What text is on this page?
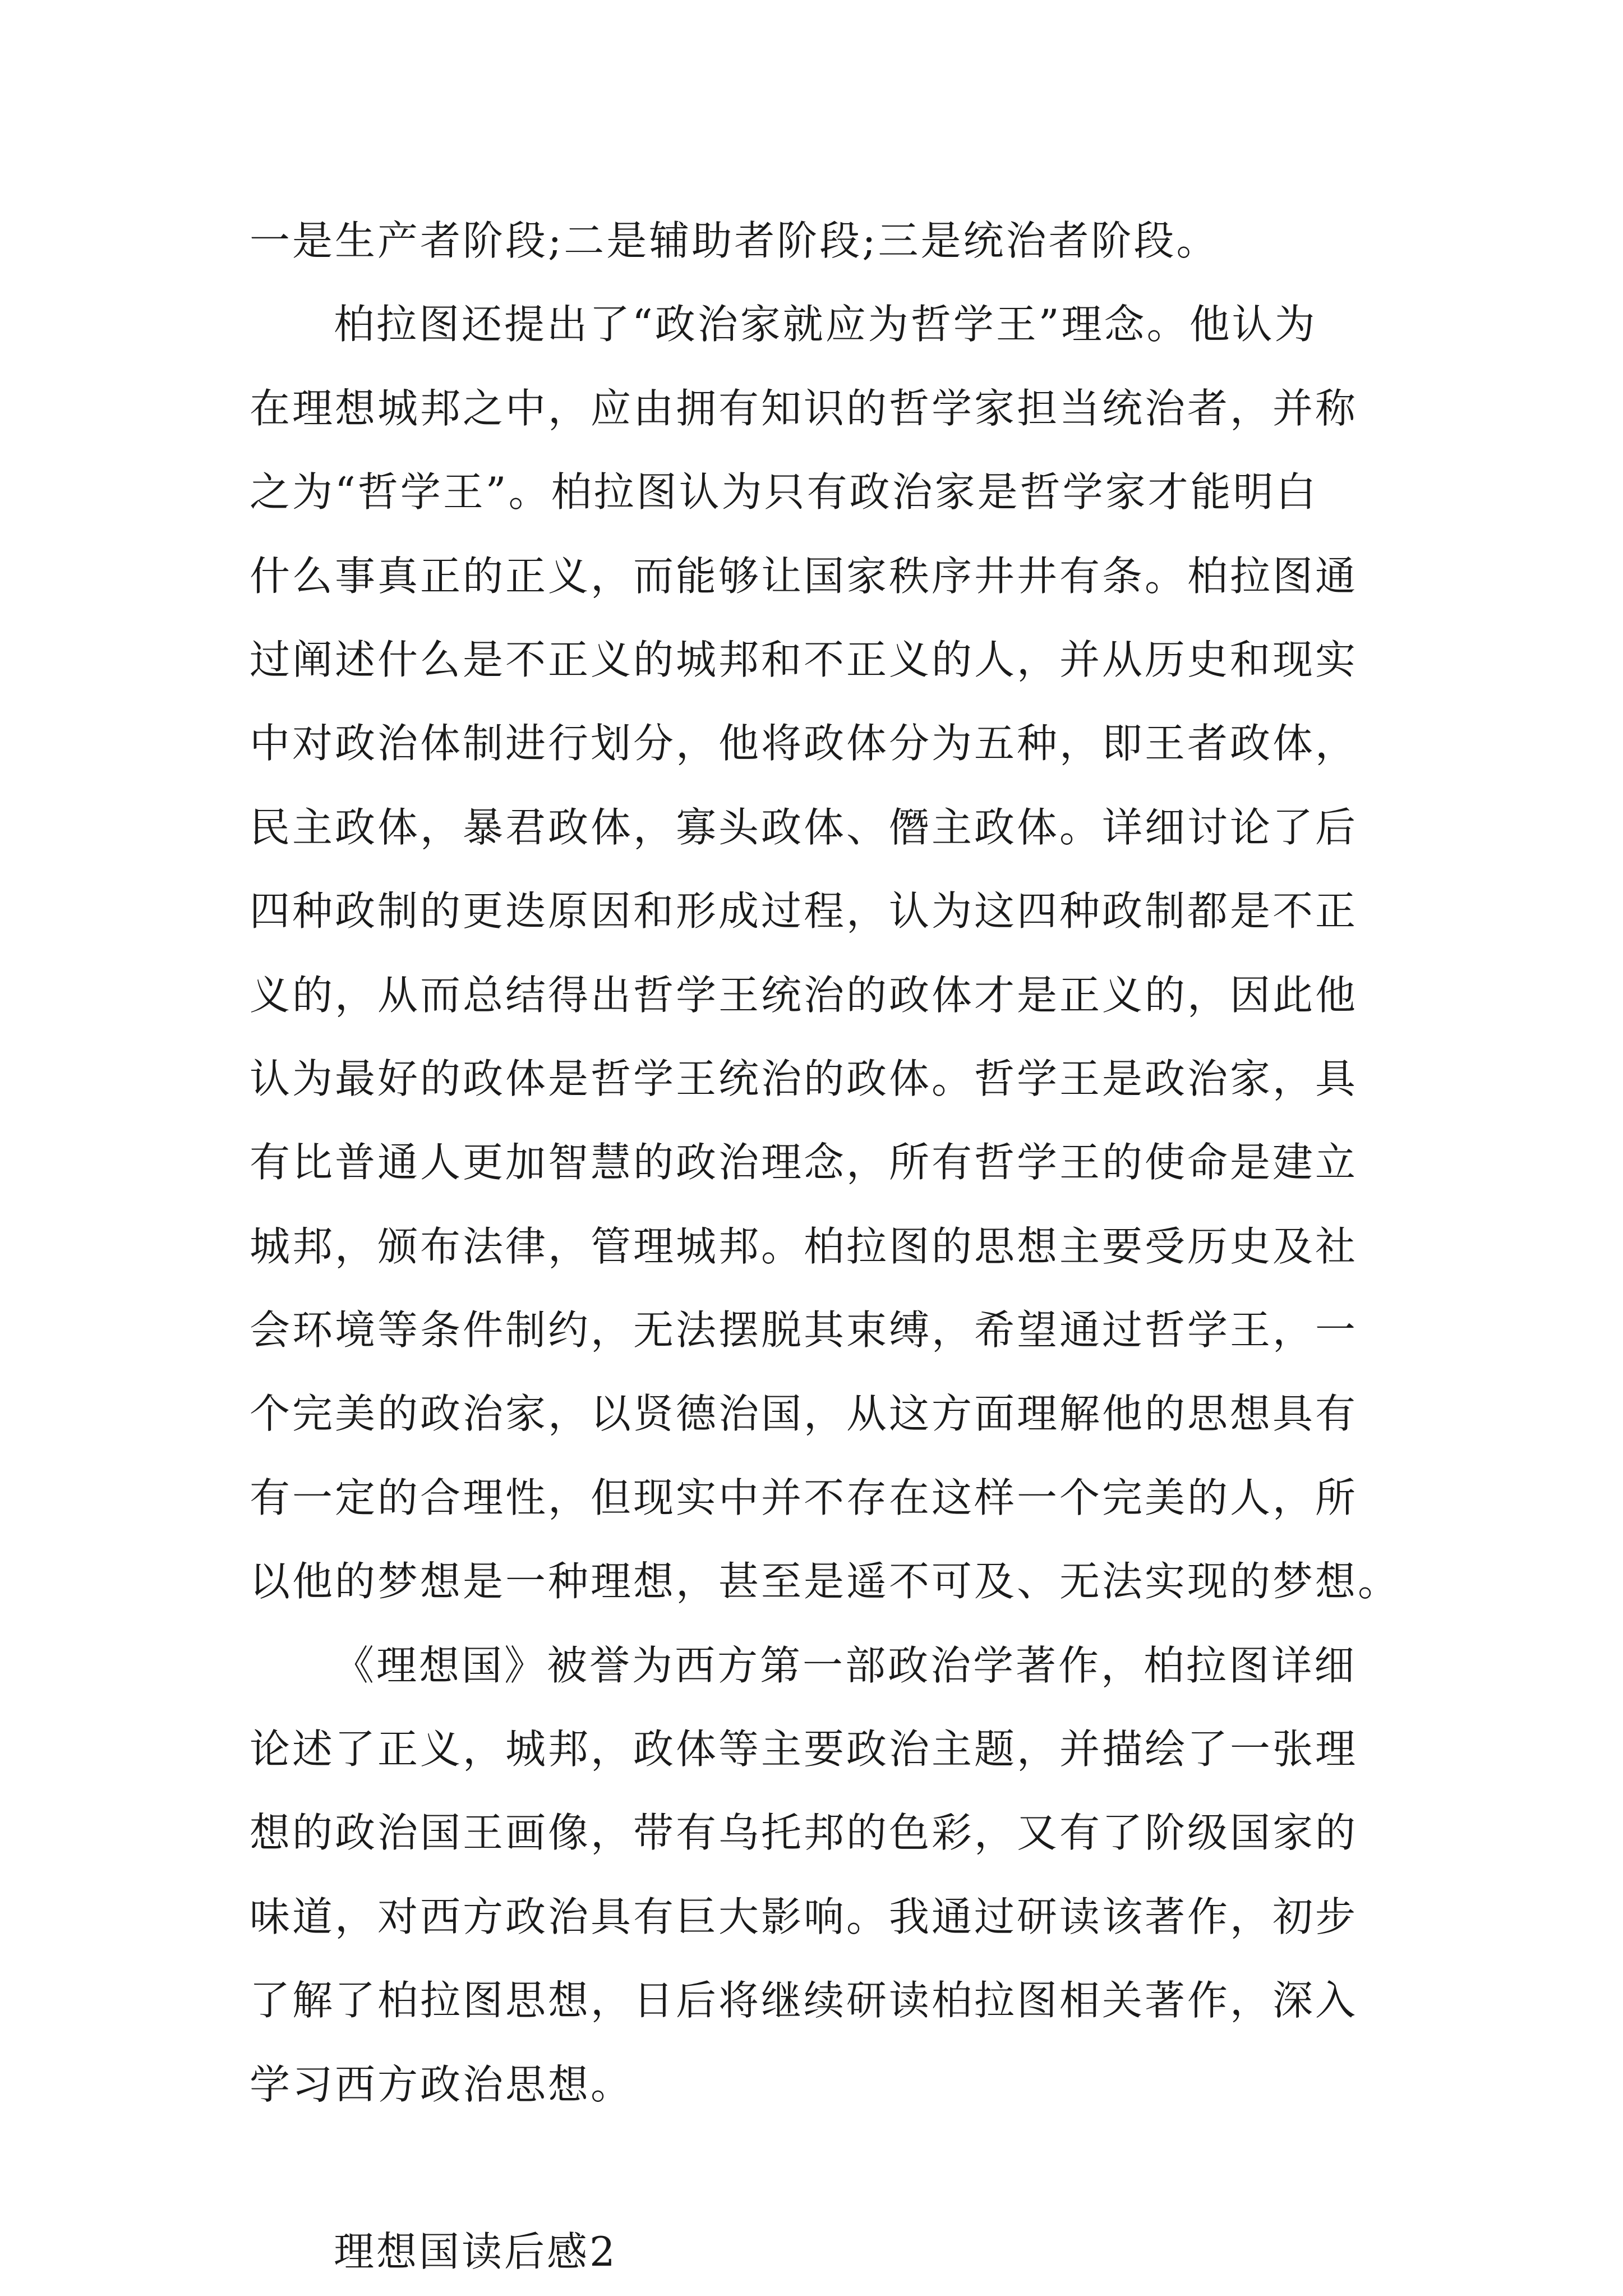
一是生产者阶段;二是辅助者阶段;三是统治者阶段。
柏拉图还提出了“政治家就应为哲学王”理念。他认为
在理想城邦之中，应由拥有知识的哲学家担当统治者，并称
之为“哲学王”。柏拉图认为只有政治家是哲学家才能明白
什么事真正的正义，而能够让国家秩序井井有条。柏拉图通
过阐述什么是不正义的城邦和不正义的人，并从历史和现实
中对政治体制进行划分，他将政体分为五种，即王者政体，
民主政体，暴君政体，寡头政体、僭主政体。详细讨论了后
四种政制的更迭原因和形成过程，认为这四种政制都是不正
义的，从而总结得出哲学王统治的政体才是正义的，因此他
认为最好的政体是哲学王统治的政体。哲学王是政治家，具
有比普通人更加智慧的政治理念，所有哲学王的使命是建立
城邦，颁布法律，管理城邦。柏拉图的思想主要受历史及社
会环境等条件制约，无法摆脱其束缚，希望通过哲学王，一
个完美的政治家，以贤德治国，从这方面理解他的思想具有
有一定的合理性，但现实中并不存在这样一个完美的人，所
以他的梦想是一种理想，甚至是遥不可及、无法实现的梦想。
《理想国》被誉为西方第一部政治学著作，柏拉图详细
论述了正义，城邦，政体等主要政治主题，并描绘了一张理
想的政治国王画像，带有乌托邦的色彩，又有了阶级国家的
味道，对西方政治具有巨大影响。我通过研读该著作，初步
了解了柏拉图思想，日后将继续研读柏拉图相关著作，深入
学习西方政治思想。
理想国读后感2
